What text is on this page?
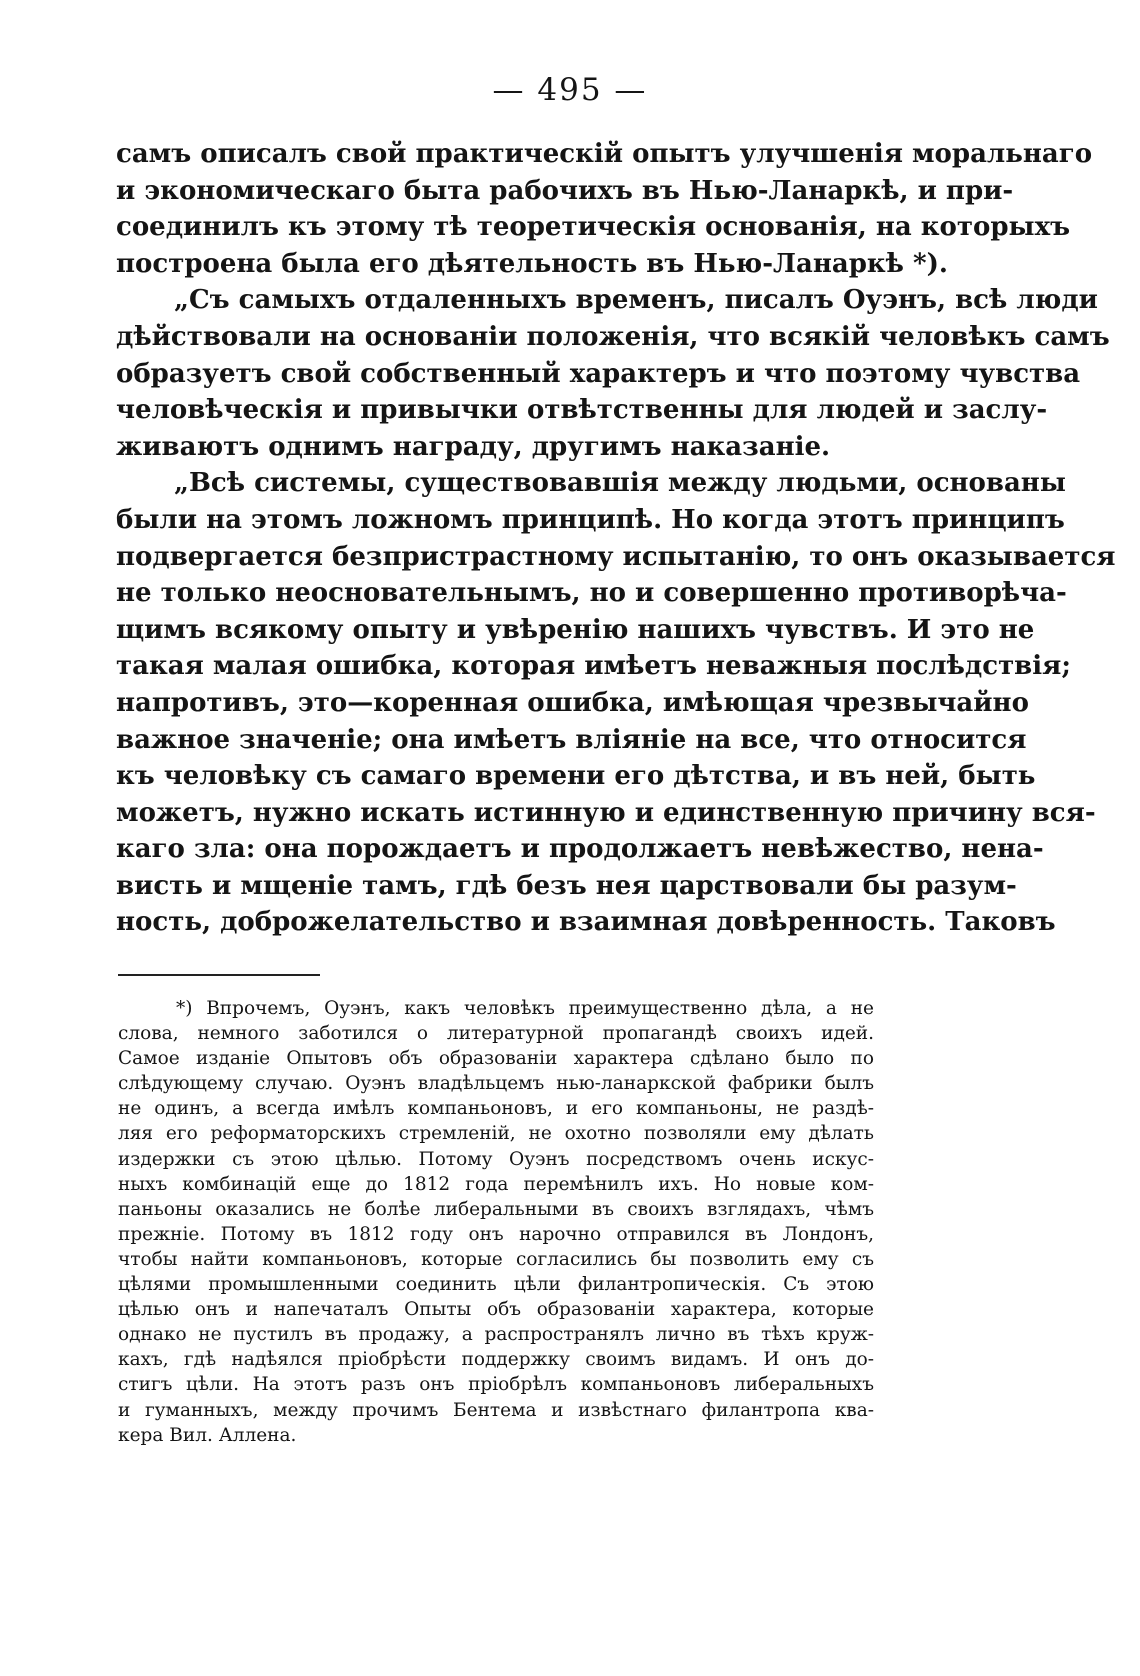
— 495 —
самъ описалъ свой практическій опытъ улучшенія моральнаго
и экономическаго быта рабочихъ въ Нью-Ланаркѣ, и при-
соединилъ къ этому тѣ теоретическія основанія, на которыхъ
построена была его дѣятельность въ Нью-Ланаркѣ *).
„Съ самыхъ отдаленныхъ временъ, писалъ Оуэнъ, всѣ люди
дѣйствовали на основаніи положенія, что всякій человѣкъ самъ
образуетъ свой собственный характеръ и что поэтому чувства
человѣческія и привычки отвѣтственны для людей и заслу-
живаютъ однимъ награду, другимъ наказаніе.
„Всѣ системы, существовавшія между людьми, основаны
были на этомъ ложномъ принципѣ. Но когда этотъ принципъ
подвергается безпристрастному испытанію, то онъ оказывается
не только неосновательнымъ, но и совершенно противорѣча-
щимъ всякому опыту и увѣренію нашихъ чувствъ. И это не
такая малая ошибка, которая имѣетъ неважныя послѣдствія;
напротивъ, это—коренная ошибка, имѣющая чрезвычайно
важное значеніе; она имѣетъ вліяніе на все, что относится
къ человѣку съ самаго времени его дѣтства, и въ ней, быть
можетъ, нужно искать истинную и единственную причину вся-
каго зла: она порождаетъ и продолжаетъ невѣжество, нена-
висть и мщеніе тамъ, гдѣ безъ нея царствовали бы разум-
ность, доброжелательство и взаимная довѣренность. Таковъ
*) Впрочемъ, Оуэнъ, какъ человѣкъ преимущественно дѣла, а не
слова, немного заботился о литературной пропагандѣ своихъ идей.
Самое изданіе Опытовъ объ образованіи характера сдѣлано было по
слѣдующему случаю. Оуэнъ владѣльцемъ нью-ланаркской фабрики былъ
не одинъ, а всегда имѣлъ компаньоновъ, и его компаньоны, не раздѣ-
ляя его реформаторскихъ стремленій, не охотно позволяли ему дѣлать
издержки съ этою цѣлью. Потому Оуэнъ посредствомъ очень искус-
ныхъ комбинацій еще до 1812 года перемѣнилъ ихъ. Но новые ком-
паньоны оказались не болѣе либеральными въ своихъ взглядахъ, чѣмъ
прежніе. Потому въ 1812 году онъ нарочно отправился въ Лондонъ,
чтобы найти компаньоновъ, которые согласились бы позволить ему съ
цѣлями промышленными соединить цѣли филантропическія. Съ этою
цѣлью онъ и напечаталъ Опыты объ образованіи характера, которые
однако не пустилъ въ продажу, а распространялъ лично въ тѣхъ круж-
кахъ, гдѣ надѣялся пріобрѣсти поддержку своимъ видамъ. И онъ до-
стигъ цѣли. На этотъ разъ онъ пріобрѣлъ компаньоновъ либеральныхъ
и гуманныхъ, между прочимъ Бентема и извѣстнаго филантропа ква-
кера Вил. Аллена.
